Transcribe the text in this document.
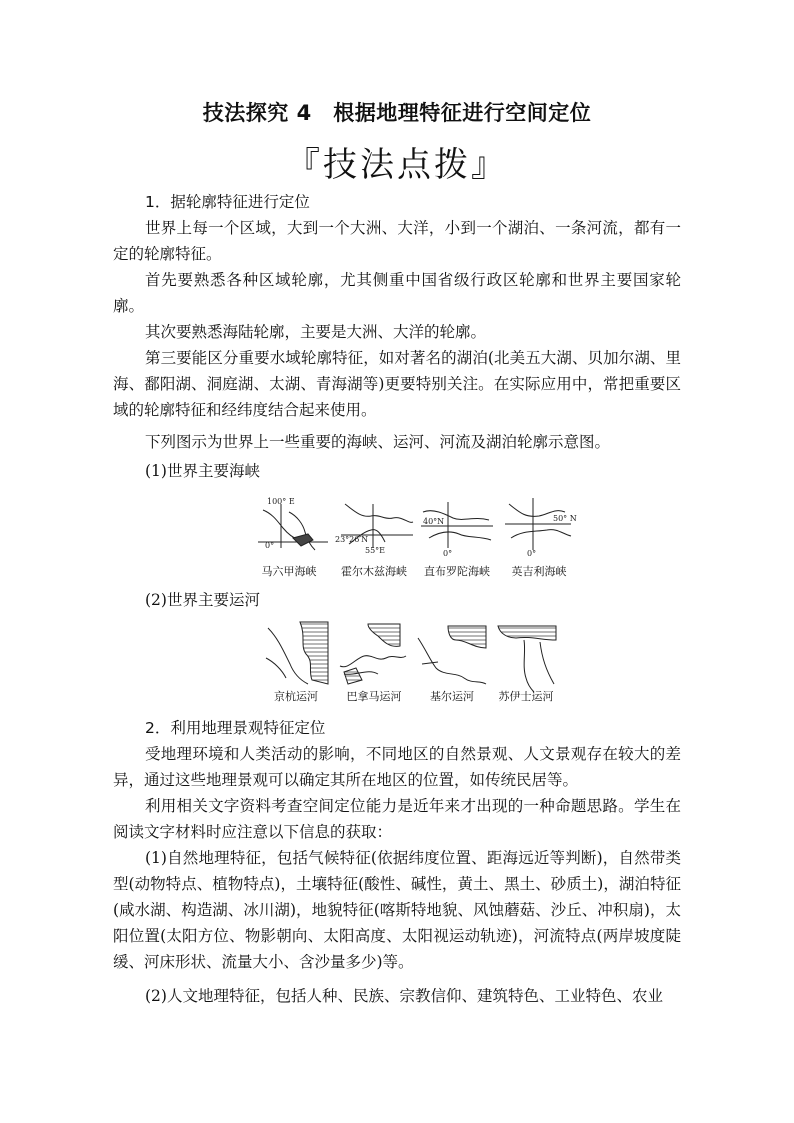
技法探究 4　根据地理特征进行空间定位
『技法点拨』
1．据轮廓特征进行定位
世界上每一个区域，大到一个大洲、大洋，小到一个湖泊、一条河流，都有一定的轮廓特征。
首先要熟悉各种区域轮廓，尤其侧重中国省级行政区轮廓和世界主要国家轮廓。
其次要熟悉海陆轮廓，主要是大洲、大洋的轮廓。
第三要能区分重要水域轮廓特征，如对著名的湖泊(北美五大湖、贝加尔湖、里海、鄱阳湖、洞庭湖、太湖、青海湖等)更要特别关注。在实际应用中，常把重要区域的轮廓特征和经纬度结合起来使用。
下列图示为世界上一些重要的海峡、运河、河流及湖泊轮廓示意图。
(1)世界主要海峡
100° E
0°
23°26′N
55°E
40°N
0°
50° N
0°
马六甲海峡	霍尔木兹海峡	直布罗陀海峡	英吉利海峡
(2)世界主要运河
京杭运河	巴拿马运河	基尔运河	苏伊士运河
2．利用地理景观特征定位
受地理环境和人类活动的影响，不同地区的自然景观、人文景观存在较大的差异，通过这些地理景观可以确定其所在地区的位置，如传统民居等。
利用相关文字资料考查空间定位能力是近年来才出现的一种命题思路。学生在阅读文字材料时应注意以下信息的获取：
(1)自然地理特征，包括气候特征(依据纬度位置、距海远近等判断)，自然带类型(动物特点、植物特点)，土壤特征(酸性、碱性，黄土、黑土、砂质土)，湖泊特征(咸水湖、构造湖、冰川湖)，地貌特征(喀斯特地貌、风蚀蘑菇、沙丘、冲积扇)，太阳位置(太阳方位、物影朝向、太阳高度、太阳视运动轨迹)，河流特点(两岸坡度陡缓、河床形状、流量大小、含沙量多少)等。
(2)人文地理特征，包括人种、民族、宗教信仰、建筑特色、工业特色、农业
